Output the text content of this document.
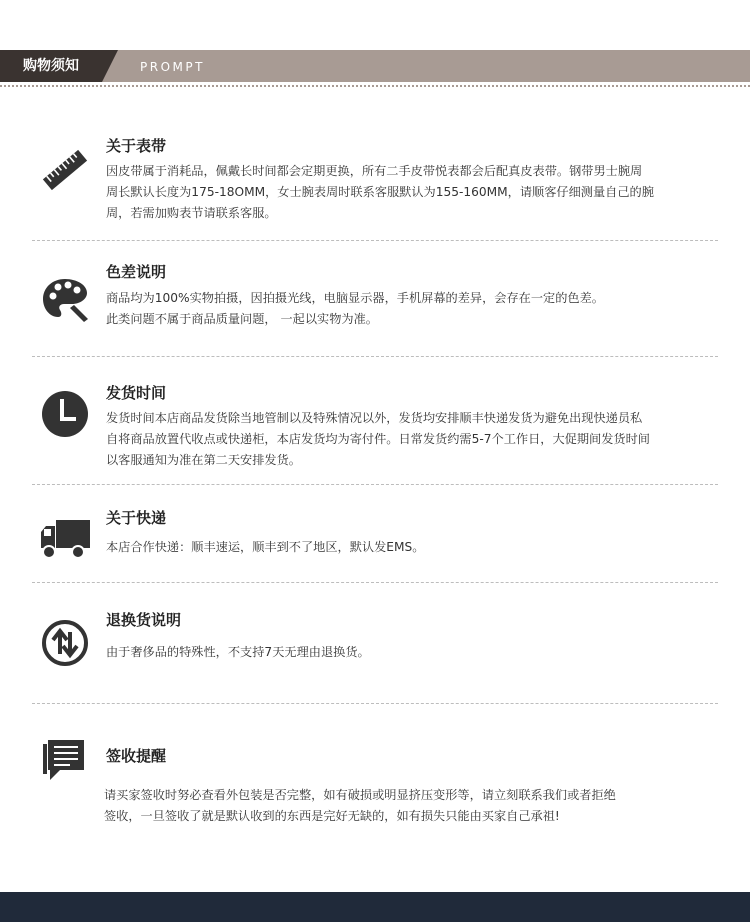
购物须知	PROMPT
关于表带
因皮带属于消耗品，佩戴长时间都会定期更换，所有二手皮带悦表都会后配真皮表带。钢带男士腕周
周长默认长度为175-18OMM，女士腕表周时联系客服默认为155-160MM，请顺客仔细测量自己的腕
周，若需加购表节请联系客服。
色差说明
商品均为100%实物拍摄，因拍摄光线，电脑显示器，手机屏幕的差异，会存在一定的色差。
此类问题不属于商品质量问题， 一起以实物为准。
发货时间
发货时间本店商品发货除当地管制以及特殊情况以外，发货均安排顺丰快递发货为避免出现快递员私
自将商品放置代收点或快递柜，本店发货均为寄付件。日常发货约需5-7个工作日，大促期间发货时间
以客服通知为准在第二天安排发货。
关于快递
本店合作快递：顺丰速运，顺丰到不了地区，默认发EMS。
退换货说明
由于奢侈品的特殊性，不支持7天无理由退换货。
签收提醒
请买家签收时努必查看外包装是否完整，如有破损或明显挤压变形等，请立刻联系我们或者拒绝
签收，一旦签收了就是默认收到的东西是完好无缺的，如有损失只能由买家自己承祖!
